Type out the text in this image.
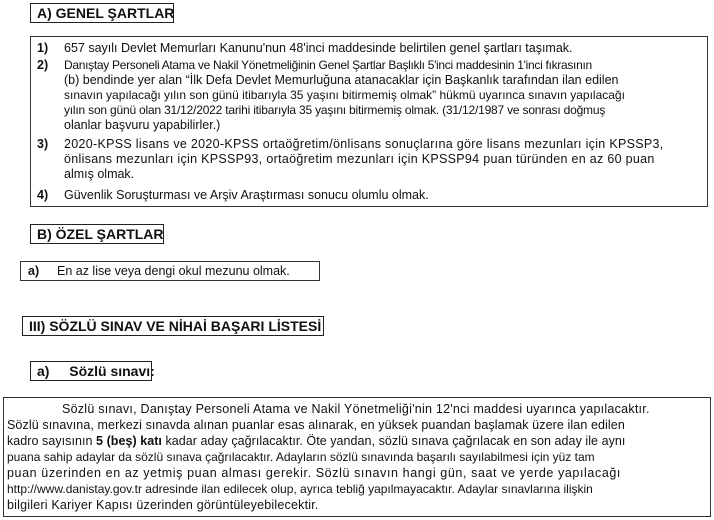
A) GENEL ŞARTLAR
1) 657 sayılı Devlet Memurları Kanunu'nun 48'inci maddesinde belirtilen genel şartları taşımak.
2) Danıştay Personeli Atama ve Nakil Yönetmeliğinin Genel Şartlar Başlıklı 5'inci maddesinin 1'inci fıkrasının
(b) bendinde yer alan “İlk Defa Devlet Memurluğuna atanacaklar için Başkanlık tarafından ilan edilen
sınavın yapılacağı yılın son günü itibarıyla 35 yaşını bitirmemiş olmak” hükmü uyarınca sınavın yapılacağı
yılın son günü olan 31/12/2022 tarihi itibarıyla 35 yaşını bitirmemiş olmak. (31/12/1987 ve sonrası doğmuş
olanlar başvuru yapabilirler.)
3) 2020-KPSS lisans ve 2020-KPSS ortaöğretim/önlisans sonuçlarına göre lisans mezunları için KPSSP3,
önlisans mezunları için KPSSP93, ortaöğretim mezunları için KPSSP94 puan türünden en az 60 puan
almış olmak.
4) Güvenlik Soruşturması ve Arşiv Araştırması sonucu olumlu olmak.
B) ÖZEL ŞARTLAR
a) En az lise veya dengi okul mezunu olmak.
III) SÖZLÜ SINAV VE NİHAİ BAŞARI LİSTESİ
a) Sözlü sınavı:
Sözlü sınavı, Danıştay Personeli Atama ve Nakil Yönetmeliği'nin 12'nci maddesi uyarınca yapılacaktır.
Sözlü sınavına, merkezi sınavda alınan puanlar esas alınarak, en yüksek puandan başlamak üzere ilan edilen
kadro sayısının 5 (beş) katı kadar aday çağrılacaktır. Öte yandan, sözlü sınava çağrılacak en son aday ile aynı
puana sahip adaylar da sözlü sınava çağrılacaktır. Adayların sözlü sınavında başarılı sayılabilmesi için yüz tam
puan üzerinden en az yetmiş puan alması gerekir. Sözlü sınavın hangi gün, saat ve yerde yapılacağı
http://www.danistay.gov.tr adresinde ilan edilecek olup, ayrıca tebliğ yapılmayacaktır. Adaylar sınavlarına ilişkin
bilgileri Kariyer Kapısı üzerinden görüntüleyebilecektir.
